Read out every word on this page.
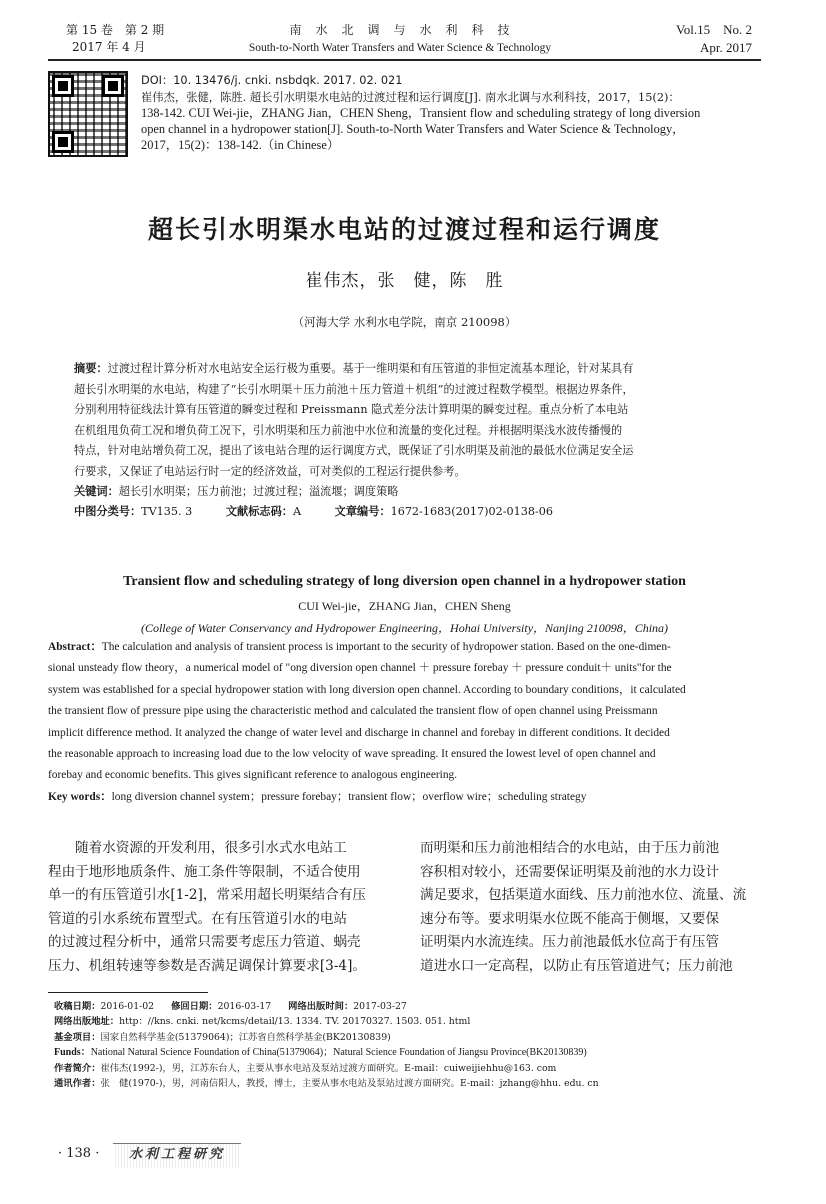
第 15 卷　第 2 期
2017 年 4 月
南　水　北　调　与　水　利　科　技
South-to-North Water Transfers and Water Science & Technology
Vol.15　No. 2
Apr. 2017
DOI：10. 13476/j. cnki. nsbdqk. 2017. 02. 021
崔伟杰，张健，陈胜. 超长引水明渠水电站的过渡过程和运行调度[J]. 南水北调与水利科技，2017，15(2)：
138-142. CUI Wei-jie，ZHANG Jian，CHEN Sheng，Transient flow and scheduling strategy of long diversion
open channel in a hydropower station[J]. South-to-North Water Transfers and Water Science & Technology，
2017，15(2)：138-142.（in Chinese）
超长引水明渠水电站的过渡过程和运行调度
崔伟杰，张　健，陈　胜
（河海大学 水利水电学院，南京 210098）

摘要：过渡过程计算分析对水电站安全运行极为重要。基于一维明渠和有压管道的非恒定流基本理论，针对某具有

超长引水明渠的水电站，构建了“长引水明渠＋压力前池＋压力管道＋机组”的过渡过程数学模型。根据边界条件，

分别利用特征线法计算有压管道的瞬变过程和 Preissmann 隐式差分法计算明渠的瞬变过程。重点分析了本电站

在机组甩负荷工况和增负荷工况下，引水明渠和压力前池中水位和流量的变化过程。并根据明渠浅水波传播慢的

特点，针对电站增负荷工况，提出了该电站合理的运行调度方式，既保证了引水明渠及前池的最低水位满足安全运

行要求，又保证了电站运行时一定的经济效益，可对类似的工程运行提供参考。

关键词：超长引水明渠；压力前池；过渡过程；溢流堰；调度策略

中图分类号：TV135. 3	文献标志码：A	文章编号：1672-1683(2017)02-0138-06

Transient flow and scheduling strategy of long diversion open channel in a hydropower station
CUI Wei-jie，ZHANG Jian，CHEN Sheng
(College of Water Conservancy and Hydropower Engineering，Hohai University，Nanjing 210098，China)

Abstract：The calculation and analysis of transient process is important to the security of hydropower station. Based on the one-dimen-

sional unsteady flow theory，a numerical model of "ong diversion open channel ＋ pressure forebay ＋ pressure conduit＋ units"for the

system was established for a special hydropower station with long diversion open channel. According to boundary conditions，it calculated

the transient flow of pressure pipe using the characteristic method and calculated the transient flow of open channel using Preissmann

implicit difference method. It analyzed the change of water level and discharge in channel and forebay in different conditions. It decided

the reasonable approach to increasing load due to the low velocity of wave spreading. It ensured the lowest level of open channel and

forebay and economic benefits. This gives significant reference to analogous engineering.

Key words：long diversion channel system；pressure forebay；transient flow；overflow wire；scheduling strategy

随着水资源的开发利用，很多引水式水电站工

程由于地形地质条件、施工条件等限制，不适合使用

单一的有压管道引水[1-2]，常采用超长明渠结合有压

管道的引水系统布置型式。在有压管道引水的电站

的过渡过程分析中，通常只需要考虑压力管道、蜗壳

压力、机组转速等参数是否满足调保计算要求[3-4]。

而明渠和压力前池相结合的水电站，由于压力前池

容积相对较小，还需要保证明渠及前池的水力设计

满足要求，包括渠道水面线、压力前池水位、流量、流

速分布等。要求明渠水位既不能高于侧堰，又要保

证明渠内水流连续。压力前池最低水位高于有压管

道进水口一定高程，以防止有压管道进气；压力前池

收稿日期：2016-01-02 修回日期：2016-03-17 网络出版时间：2017-03-27
网络出版地址：http：//kns. cnki. net/kcms/detail/13. 1334. TV. 20170327. 1503. 051. html
基金项目：国家自然科学基金(51379064)；江苏省自然科学基金(BK20130839)
Funds：National Natural Science Foundation of China(51379064)；Natural Science Foundation of Jiangsu Province(BK20130839)
作者简介：崔伟杰(1992-)，男，江苏东台人，主要从事水电站及泵站过渡方面研究。E-mail：cuiweijiehhu@163. com
通讯作者：张　健(1970-)，男，河南信阳人，教授，博士，主要从事水电站及泵站过渡方面研究。E-mail：jzhang@hhu. edu. cn
· 138 ·	水利工程研究
